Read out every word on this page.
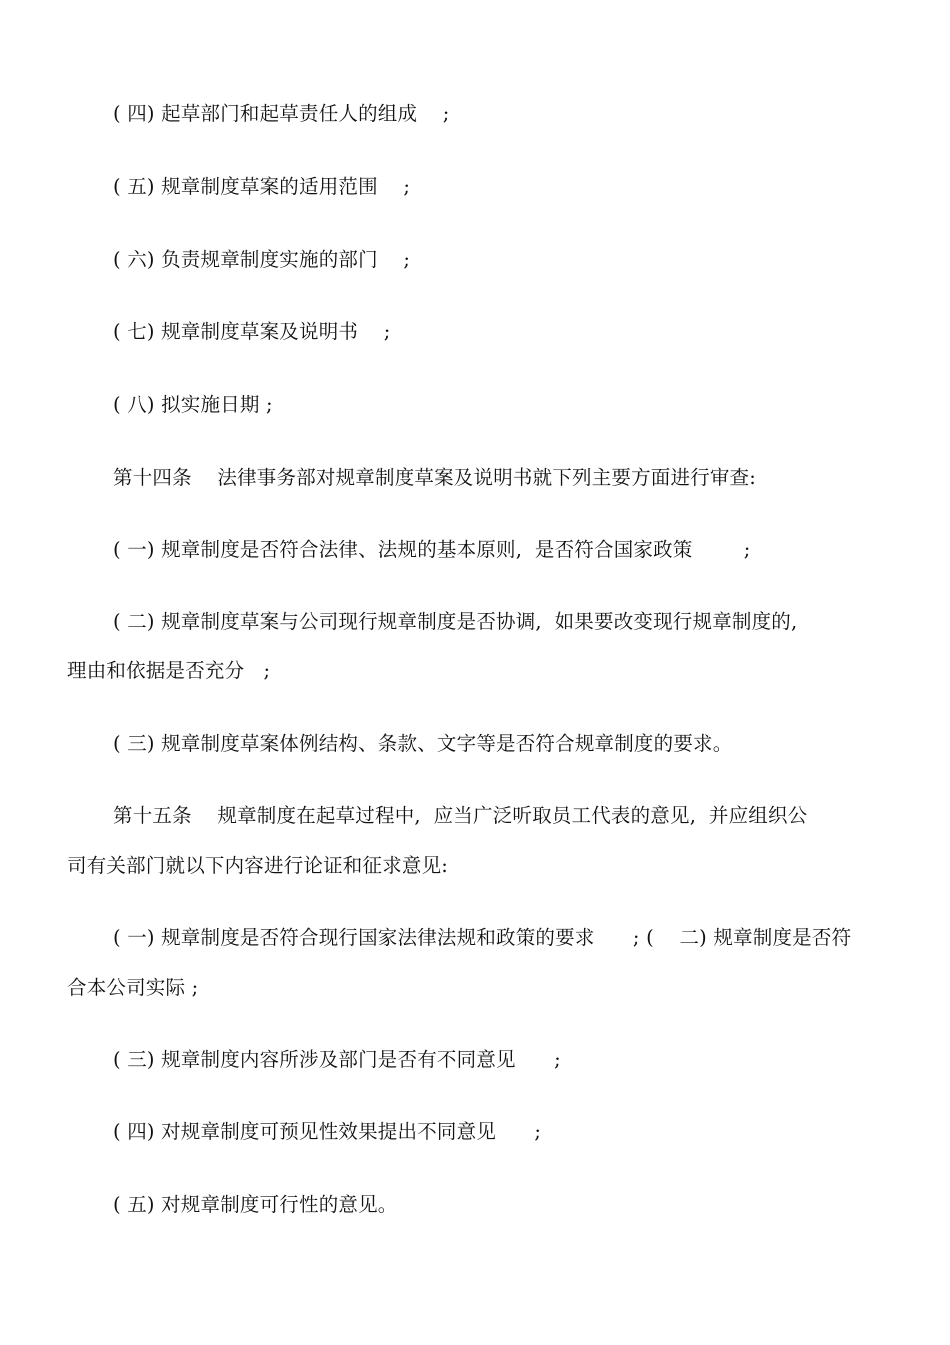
( 四) 起草部门和起草责任人的组成    ;
( 五) 规章制度草案的适用范围    ;
( 六) 负责规章制度实施的部门    ;
( 七) 规章制度草案及说明书    ;
( 八) 拟实施日期 ;
第十四条    法律事务部对规章制度草案及说明书就下列主要方面进行审查:
( 一) 规章制度是否符合法律、法规的基本原则,  是否符合国家政策        ;
( 二) 规章制度草案与公司现行规章制度是否协调,  如果要改变现行规章制度的,
理由和依据是否充分   ;
( 三) 规章制度草案体例结构、条款、文字等是否符合规章制度的要求。
第十五条    规章制度在起草过程中,  应当广泛听取员工代表的意见,  并应组织公
司有关部门就以下内容进行论证和征求意见:
( 一) 规章制度是否符合现行国家法律法规和政策的要求      ; (    二) 规章制度是否符
合本公司实际 ;
( 三) 规章制度内容所涉及部门是否有不同意见      ;
( 四) 对规章制度可预见性效果提出不同意见      ;
( 五) 对规章制度可行性的意见。
